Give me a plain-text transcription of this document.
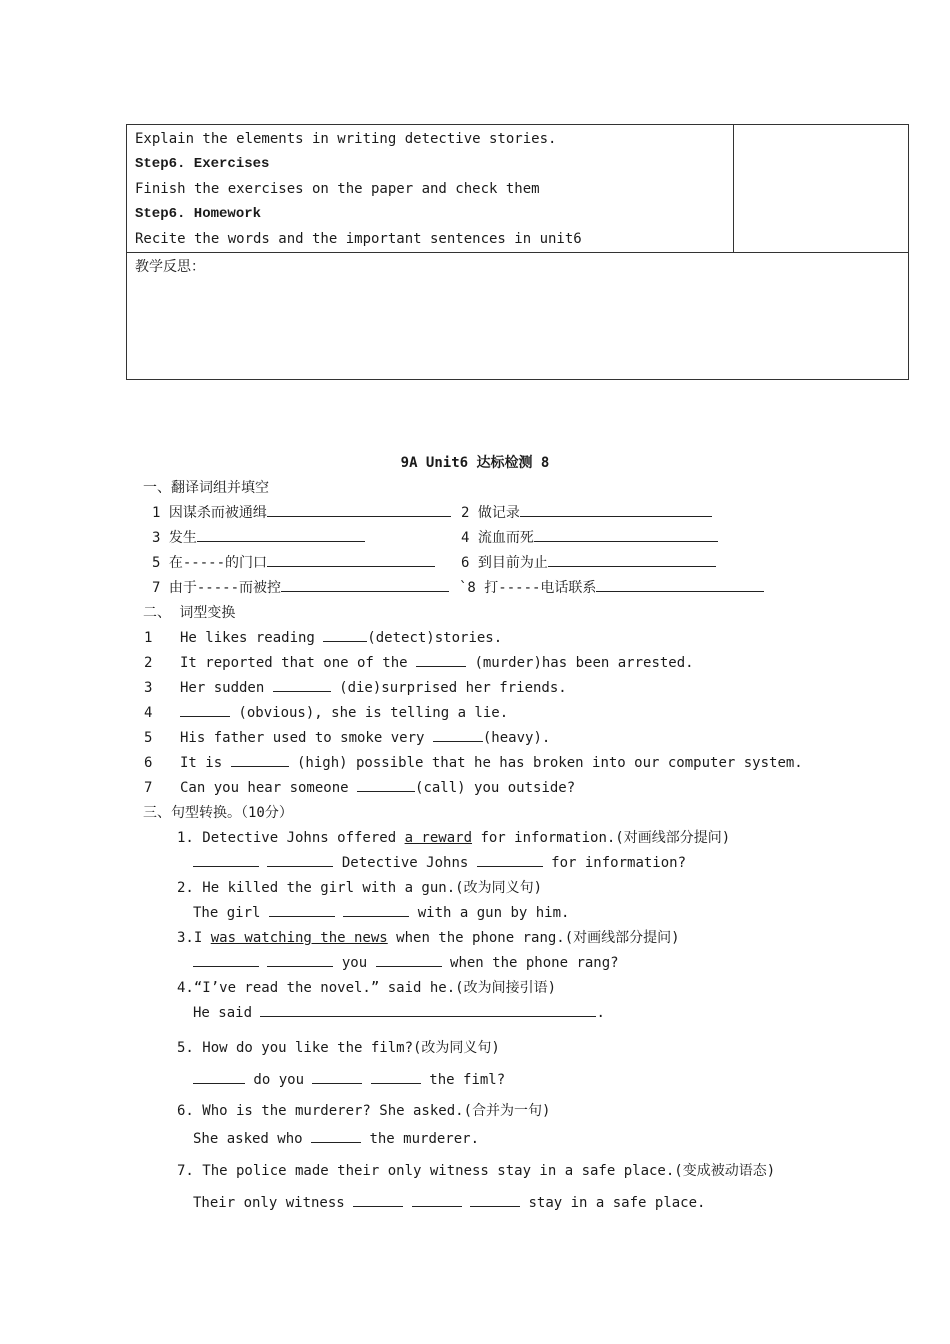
Explain the elements in writing detective stories.
Step6. Exercises
Finish the exercises on the paper and check them
Step6. Homework
Recite the words and the important sentences in unit6

教学反思：
9A Unit6 达标检测 8
一、翻译词组并填空
1 因谋杀而被通缉	2 做记录
3 发生	4 流血而死
5 在-----的门口	6 到目前为止
7 由于-----而被控	`8 打-----电话联系
二、 词型变换
1 He likes reading	(detect)stories.
2 It reported that one of the	(murder)has been arrested.
3 Her sudden	(die)surprised her friends.
4	(obvious), she is telling a lie.
5 His father used to smoke very	(heavy).
6 It is	(high) possible that he has broken into our computer system.
7 Can you hear someone	(call) you outside?
三、句型转换。（10分）
1. Detective Johns offered a reward for information.(对画线部分提问)
Detective Johns	for information?
2. He killed the girl with a gun.(改为同义句)
The girl	with a gun by him.
3.I was watching the news when the phone rang.(对画线部分提问)
you	when the phone rang?
4.“I’ve read the novel.” said he.(改为间接引语)
He said	.
5. How do you like the film?(改为同义句)
do you	the fiml?
6. Who is the murderer? She asked.(合并为一句)
She asked who	the murderer.
7. The police made their only witness stay in a safe place.(变成被动语态)
Their only witness	stay in a safe place.
